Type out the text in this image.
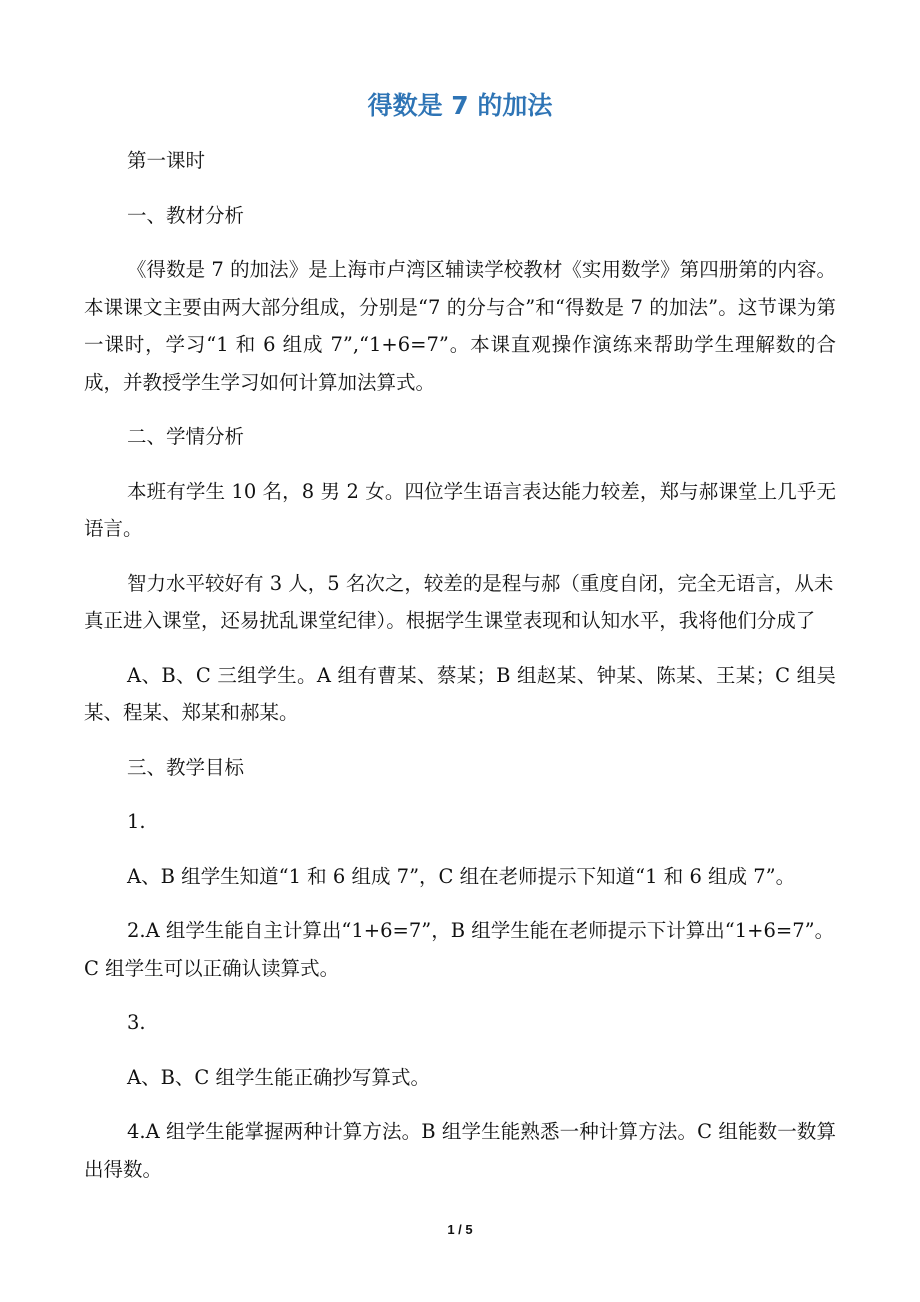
得数是 7 的加法

第一课时

一、教材分析

《得数是 7 的加法》是上海市卢湾区辅读学校教材《实用数学》第四册第的内容。本课课文主要由两大部分组成，分别是“7 的分与合”和“得数是 7 的加法”。这节课为第一课时，学习“1 和 6 组成 7”,“1+6=7”。本课直观操作演练来帮助学生理解数的合成，并教授学生学习如何计算加法算式。

二、学情分析

本班有学生 10 名，8 男 2 女。四位学生语言表达能力较差，郑与郝课堂上几乎无语言。

智力水平较好有 3 人，5 名次之，较差的是程与郝（重度自闭，完全无语言，从未真正进入课堂，还易扰乱课堂纪律）。根据学生课堂表现和认知水平，我将他们分成了

A、B、C 三组学生。A 组有曹某、蔡某；B 组赵某、钟某、陈某、王某；C 组吴某、程某、郑某和郝某。

三、教学目标

1.

A、B 组学生知道“1 和 6 组成 7”，C 组在老师提示下知道“1 和 6 组成 7”。

2.A 组学生能自主计算出“1+6=7”，B 组学生能在老师提示下计算出“1+6=7”。C 组学生可以正确认读算式。

3.

A、B、C 组学生能正确抄写算式。

4.A 组学生能掌握两种计算方法。B 组学生能熟悉一种计算方法。C 组能数一数算出得数。

1 / 5
